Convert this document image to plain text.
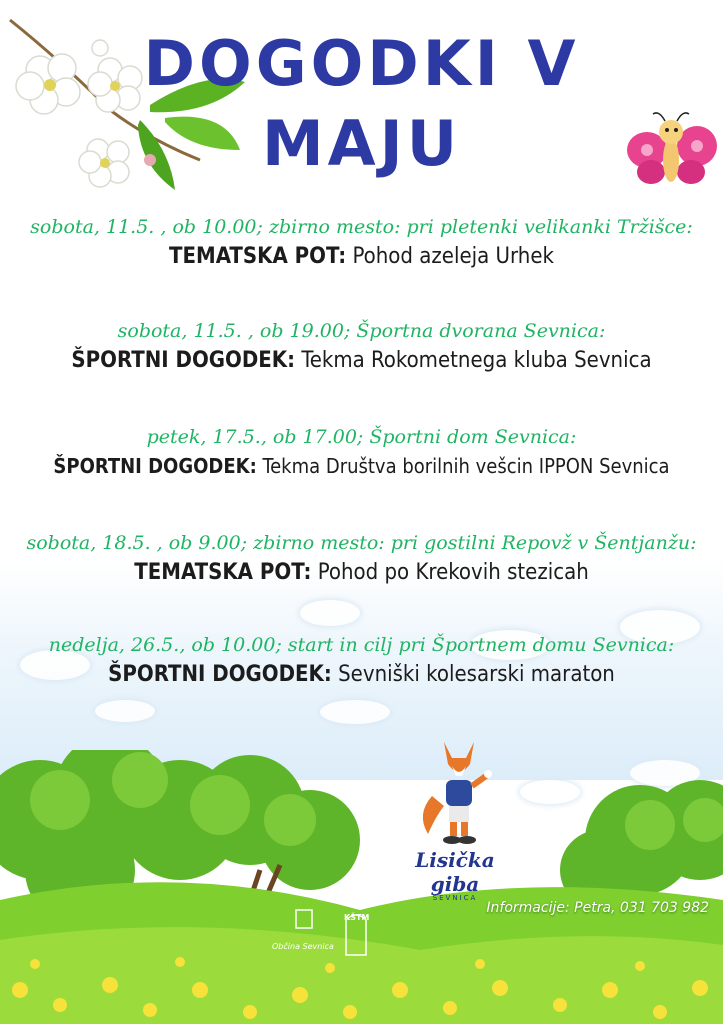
DOGODKI V
MAJU
sobota, 11.5. , ob 10.00; zbirno mesto: pri pletenki velikanki Tržišce:
TEMATSKA POT: Pohod azeleja Urhek
sobota, 11.5. , ob 19.00; Športna dvorana Sevnica:
ŠPORTNI DOGODEK: Tekma Rokometnega kluba Sevnica
petek, 17.5., ob 17.00; Športni dom Sevnica:
ŠPORTNI DOGODEK: Tekma Društva borilnih vešcin IPPON Sevnica
sobota, 18.5. , ob 9.00; zbirno mesto: pri gostilni Repovž v Šentjanžu:
TEMATSKA POT: Pohod po Krekovih stezicah
nedelja, 26.5., ob 10.00; start in cilj pri Športnem domu Sevnica:
ŠPORTNI DOGODEK: Sevniški kolesarski maraton
Lisička giba
SEVNICA
Informacije: Petra, 031 703 982
KŠTM
Občina Sevnica
